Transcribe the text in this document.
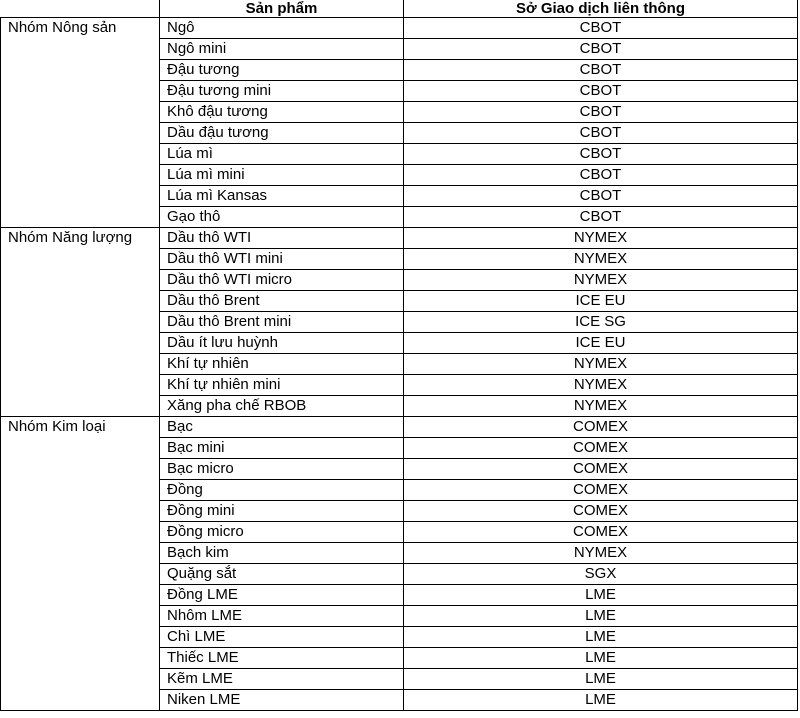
	Sản phẩm	Sở Giao dịch liên thông
Nhóm Nông sản	Ngô	CBOT
	Ngô mini	CBOT
	Đậu tương	CBOT
	Đậu tương mini	CBOT
	Khô đậu tương	CBOT
	Dầu đậu tương	CBOT
	Lúa mì	CBOT
	Lúa mì mini	CBOT
	Lúa mì Kansas	CBOT
	Gạo thô	CBOT
Nhóm Năng lượng	Dầu thô WTI	NYMEX
	Dầu thô WTI mini	NYMEX
	Dầu thô WTI micro	NYMEX
	Dầu thô Brent	ICE EU
	Dầu thô Brent mini	ICE SG
	Dầu ít lưu huỳnh	ICE EU
	Khí tự nhiên	NYMEX
	Khí tự nhiên mini	NYMEX
	Xăng pha chế RBOB	NYMEX
Nhóm Kim loại	Bạc	COMEX
	Bạc mini	COMEX
	Bạc micro	COMEX
	Đồng	COMEX
	Đồng mini	COMEX
	Đồng micro	COMEX
	Bạch kim	NYMEX
	Quặng sắt	SGX
	Đồng LME	LME
	Nhôm LME	LME
	Chì LME	LME
	Thiếc LME	LME
	Kẽm LME	LME
	Niken LME	LME
